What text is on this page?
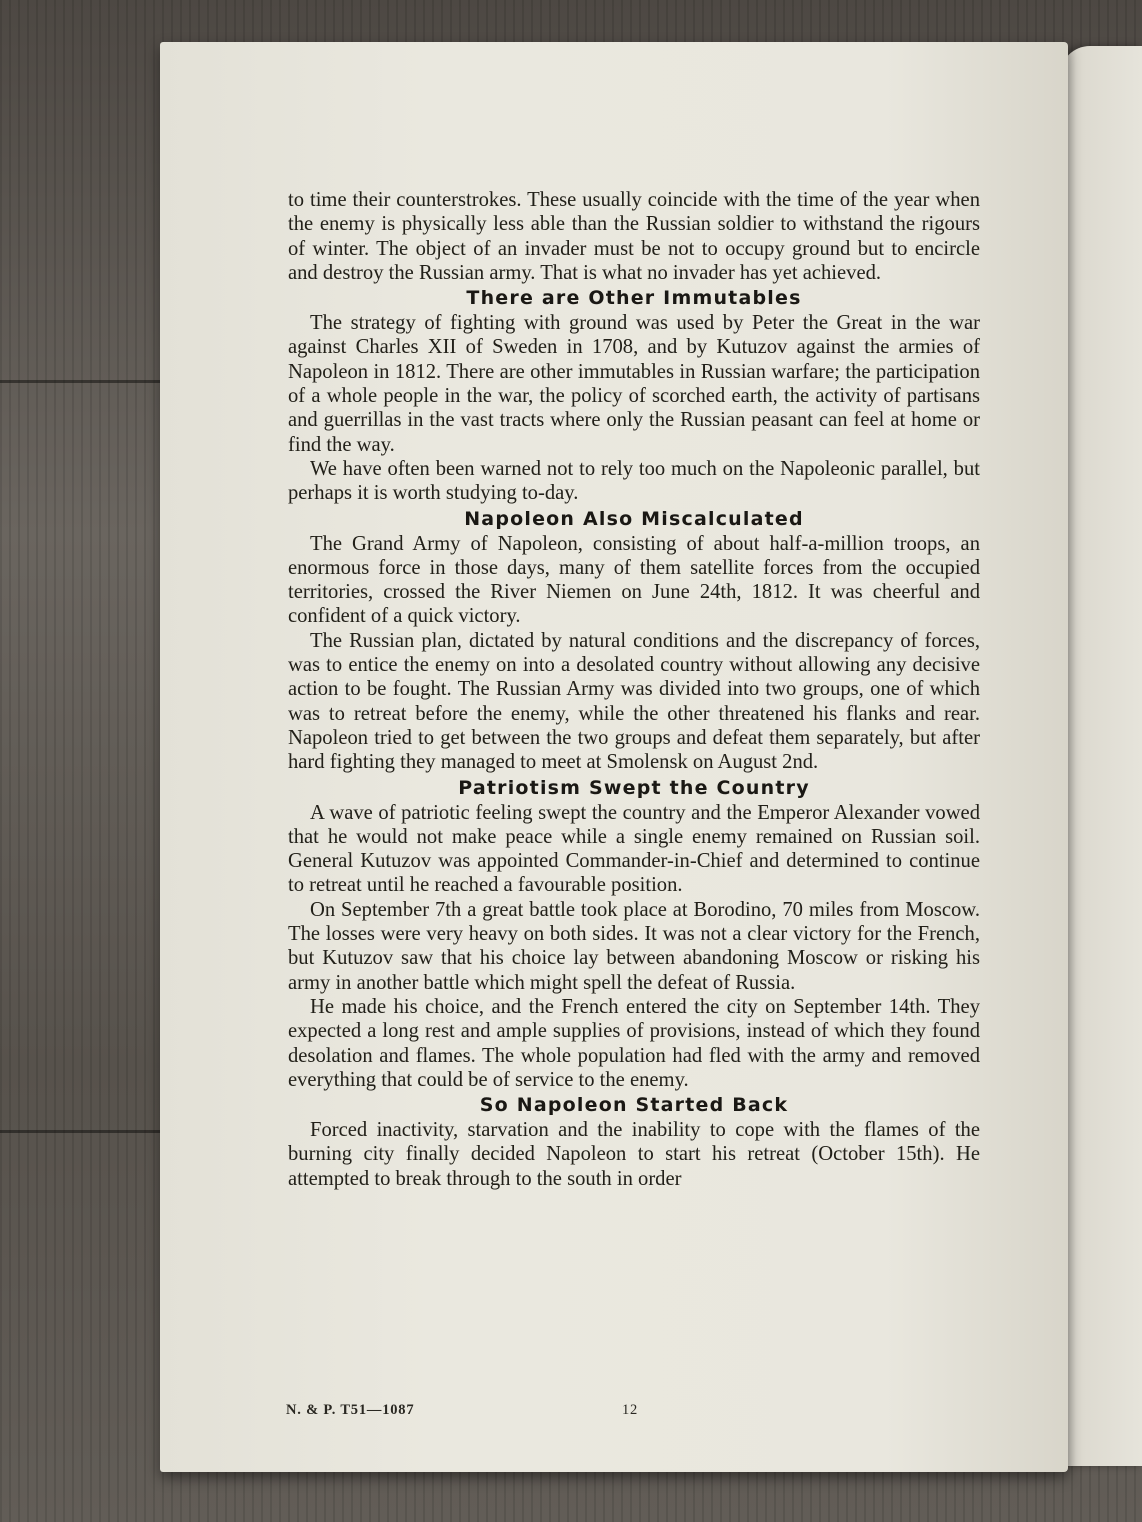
to time their counterstrokes. These usually coincide with the time of the year when the enemy is physically less able than the Russian soldier to withstand the rigours of winter. The object of an invader must be not to occupy ground but to encircle and destroy the Russian army. That is what no invader has yet achieved.

There are Other Immutables

The strategy of fighting with ground was used by Peter the Great in the war against Charles XII of Sweden in 1708, and by Kutuzov against the armies of Napoleon in 1812. There are other immutables in Russian warfare; the participation of a whole people in the war, the policy of scorched earth, the activity of partisans and guerrillas in the vast tracts where only the Russian peasant can feel at home or find the way.

We have often been warned not to rely too much on the Napoleonic parallel, but perhaps it is worth studying to-day.

Napoleon Also Miscalculated

The Grand Army of Napoleon, consisting of about half-a-million troops, an enormous force in those days, many of them satellite forces from the occupied territories, crossed the River Niemen on June 24th, 1812. It was cheerful and confident of a quick victory.

The Russian plan, dictated by natural conditions and the discrepancy of forces, was to entice the enemy on into a desolated country without allowing any decisive action to be fought. The Russian Army was divided into two groups, one of which was to retreat before the enemy, while the other threatened his flanks and rear. Napoleon tried to get between the two groups and defeat them separately, but after hard fighting they managed to meet at Smolensk on August 2nd.

Patriotism Swept the Country

A wave of patriotic feeling swept the country and the Emperor Alexander vowed that he would not make peace while a single enemy remained on Russian soil. General Kutuzov was appointed Commander-in-Chief and determined to continue to retreat until he reached a favourable position.

On September 7th a great battle took place at Borodino, 70 miles from Moscow. The losses were very heavy on both sides. It was not a clear victory for the French, but Kutuzov saw that his choice lay between abandoning Moscow or risking his army in another battle which might spell the defeat of Russia.

He made his choice, and the French entered the city on September 14th. They expected a long rest and ample supplies of provisions, instead of which they found desolation and flames. The whole population had fled with the army and removed everything that could be of service to the enemy.

So Napoleon Started Back

Forced inactivity, starvation and the inability to cope with the flames of the burning city finally decided Napoleon to start his retreat (October 15th). He attempted to break through to the south in order

N. & P. T51—1087	12
